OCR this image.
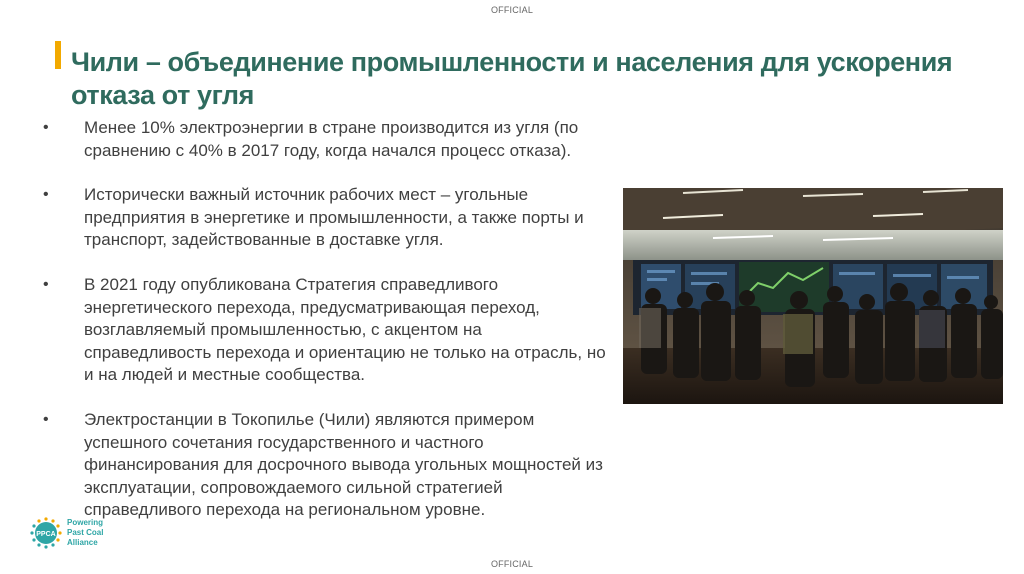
OFFICIAL
Чили – объединение промышленности и населения для ускорения отказа от угля
• Менее 10% электроэнергии в стране производится из угля (по сравнению с 40% в 2017 году, когда начался процесс отказа).
• Исторически важный источник рабочих мест – угольные предприятия в энергетике и промышленности, а также порты и транспорт, задействованные в доставке угля.
• В 2021 году опубликована Стратегия справедливого энергетического перехода, предусматривающая переход, возглавляемый промышленностью, с акцентом на справедливость перехода и ориентацию не только на отрасль, но и на людей и местные сообщества.
• Электростанции в Токопилье (Чили) являются примером успешного сочетания государственного и частного финансирования для досрочного вывода угольных мощностей из эксплуатации, сопровождаемого сильной стратегией справедливого перехода на региональном уровне.
PPCA
Powering
Past Coal
Alliance
OFFICIAL
